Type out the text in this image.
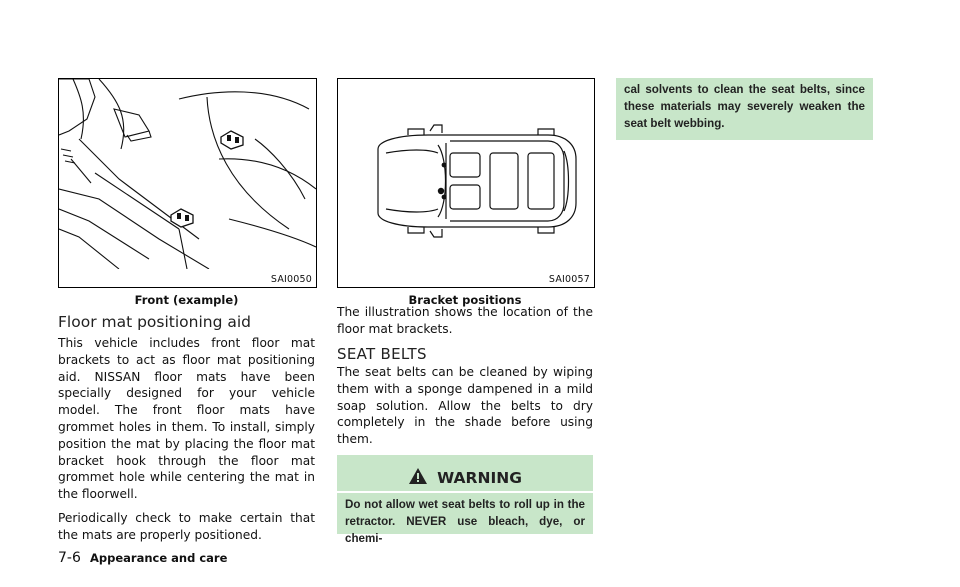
SAI0050
Front (example)
SAI0057
Bracket positions
Floor mat positioning aid

This vehicle includes front floor mat brackets to act as floor mat positioning aid. NISSAN floor mats have been specially designed for your vehicle model. The front floor mats have grommet holes in them. To install, simply position the mat by placing the floor mat bracket hook through the floor mat grommet hole while centering the mat in the floorwell.

Periodically check to make certain that the mats are properly positioned.

The illustration shows the location of the floor mat brackets.

SEAT BELTS

The seat belts can be cleaned by wiping them with a sponge dampened in a mild soap solution. Allow the belts to dry completely in the shade before using them.

WARNING
Do not allow wet seat belts to roll up in the retractor. NEVER use bleach, dye, or chemi-
cal solvents to clean the seat belts, since these materials may severely weaken the seat belt webbing.
7-6 Appearance and care
